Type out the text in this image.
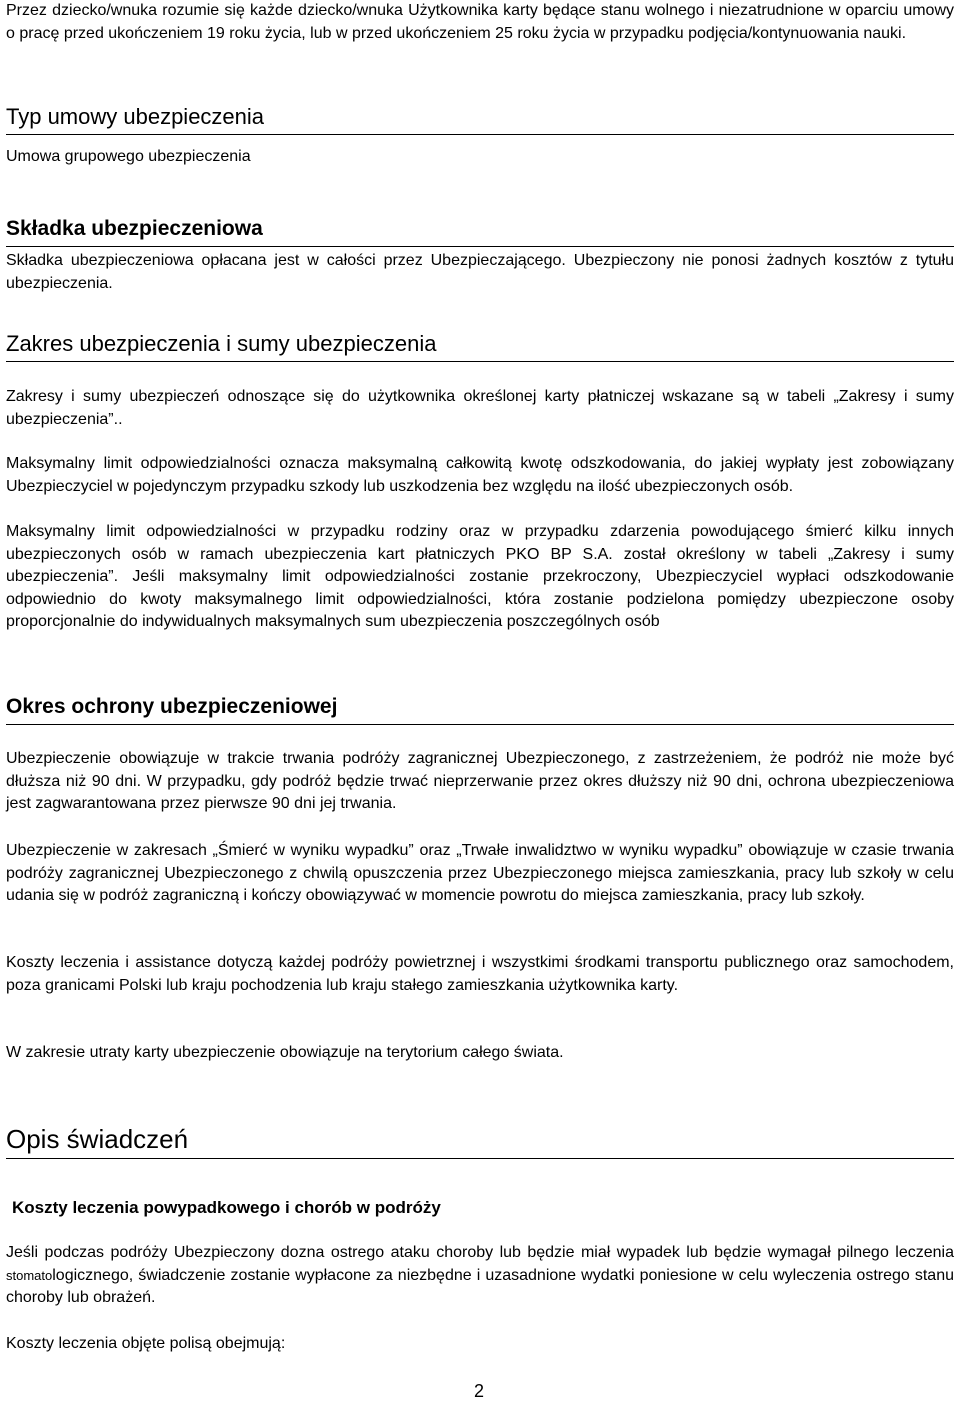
Przez dziecko/wnuka rozumie się każde dziecko/wnuka Użytkownika karty będące stanu wolnego i niezatrudnione w oparciu umowy o pracę przed ukończeniem 19 roku życia, lub w przed ukończeniem 25 roku życia w przypadku podjęcia/kontynuowania nauki.

Typ umowy ubezpieczenia

Umowa grupowego ubezpieczenia

Składka ubezpieczeniowa

Składka ubezpieczeniowa opłacana jest w całości przez Ubezpieczającego. Ubezpieczony nie ponosi żadnych kosztów z tytułu ubezpieczenia.

Zakres ubezpieczenia i sumy ubezpieczenia

Zakresy i sumy ubezpieczeń odnoszące się do użytkownika określonej karty płatniczej wskazane są w tabeli „Zakresy i sumy ubezpieczenia”..

Maksymalny limit odpowiedzialności oznacza maksymalną całkowitą kwotę odszkodowania, do jakiej wypłaty jest zobowiązany Ubezpieczyciel w pojedynczym przypadku szkody lub uszkodzenia bez względu na ilość ubezpieczonych osób.

Maksymalny limit odpowiedzialności w przypadku rodziny oraz w przypadku zdarzenia powodującego śmierć kilku innych ubezpieczonych osób w ramach ubezpieczenia kart płatniczych PKO BP S.A. został określony w tabeli „Zakresy i sumy ubezpieczenia”. Jeśli maksymalny limit odpowiedzialności zostanie przekroczony, Ubezpieczyciel wypłaci odszkodowanie odpowiednio do kwoty maksymalnego limit odpowiedzialności, która zostanie podzielona pomiędzy ubezpieczone osoby proporcjonalnie do indywidualnych maksymalnych sum ubezpieczenia poszczególnych osób

Okres ochrony ubezpieczeniowej

Ubezpieczenie obowiązuje w trakcie trwania podróży zagranicznej Ubezpieczonego, z zastrzeżeniem, że podróż nie może być dłuższa niż 90 dni. W przypadku, gdy podróż będzie trwać nieprzerwanie przez okres dłuższy niż 90 dni, ochrona ubezpieczeniowa jest zagwarantowana przez pierwsze 90 dni jej trwania.

Ubezpieczenie w zakresach „Śmierć w wyniku wypadku” oraz „Trwałe inwalidztwo w wyniku wypadku” obowiązuje w czasie trwania podróży zagranicznej Ubezpieczonego z chwilą opuszczenia przez Ubezpieczonego miejsca zamieszkania, pracy lub szkoły w celu udania się w podróż zagraniczną i kończy obowiązywać w momencie powrotu do miejsca zamieszkania, pracy lub szkoły.

Koszty leczenia i assistance dotyczą każdej podróży powietrznej i wszystkimi środkami transportu publicznego oraz samochodem, poza granicami Polski lub kraju pochodzenia lub kraju stałego zamieszkania użytkownika karty.

W zakresie utraty karty ubezpieczenie obowiązuje na terytorium całego świata.

Opis świadczeń
Koszty leczenia powypadkowego i chorób w podróży

Jeśli podczas podróży Ubezpieczony dozna ostrego ataku choroby lub będzie miał wypadek lub będzie wymagał pilnego leczenia stomatologicznego, świadczenie zostanie wypłacone za niezbędne i uzasadnione wydatki poniesione w celu wyleczenia ostrego stanu choroby lub obrażeń.

Koszty leczenia objęte polisą obejmują:

2
